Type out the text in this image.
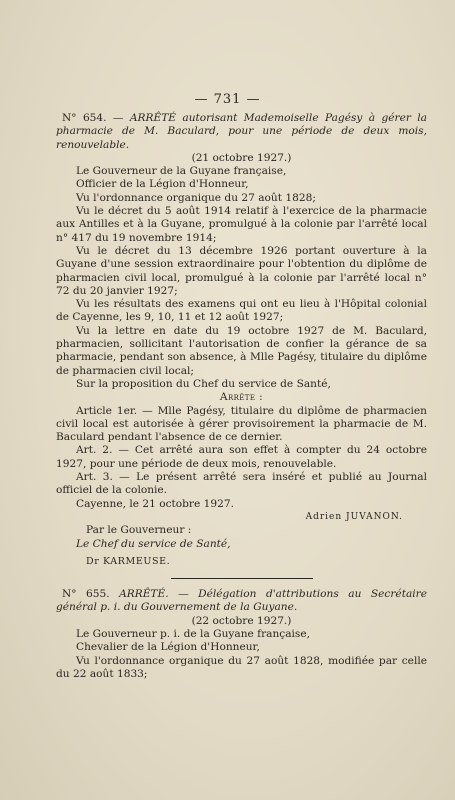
— 731 —

N° 654. — ARRÊTÉ autorisant Mademoiselle Pagésy à gérer la pharmacie de M. Baculard, pour une période de deux mois, renouvelable.

(21 octobre 1927.)

Le Gouverneur de la Guyane française,

Officier de la Légion d'Honneur,

Vu l'ordonnance organique du 27 août 1828;

Vu le décret du 5 août 1914 relatif à l'exercice de la pharmacie aux Antilles et à la Guyane, promulgué à la colonie par l'arrêté local n° 417 du 19 novembre 1914;

Vu le décret du 13 décembre 1926 portant ouverture à la Guyane d'une session extraordinaire pour l'obtention du diplôme de pharmacien civil local, promulgué à la colonie par l'arrêté local n° 72 du 20 janvier 1927;

Vu les résultats des examens qui ont eu lieu à l'Hôpital colonial de Cayenne, les 9, 10, 11 et 12 août 1927;

Vu la lettre en date du 19 octobre 1927 de M. Baculard, pharmacien, sollicitant l'autorisation de confier la gérance de sa pharmacie, pendant son absence, à Mlle Pagésy, titulaire du diplôme de pharmacien civil local;

Sur la proposition du Chef du service de Santé,

Arrête :

Article 1er. — Mlle Pagésy, titulaire du diplôme de pharmacien civil local est autorisée à gérer provisoirement la pharmacie de M. Baculard pendant l'absence de ce dernier.

Art. 2. — Cet arrêté aura son effet à compter du 24 octobre 1927, pour une période de deux mois, renouvelable.

Art. 3. — Le présent arrêté sera inséré et publié au Journal officiel de la colonie.

Cayenne, le 21 octobre 1927.

Adrien JUVANON.

Par le Gouverneur :

Le Chef du service de Santé,

Dr KARMEUSE.

N° 655. ARRÊTÉ. — Délégation d'attributions au Secrétaire général p. i. du Gouvernement de la Guyane.

(22 octobre 1927.)

Le Gouverneur p. i. de la Guyane française,

Chevalier de la Légion d'Honneur,

Vu l'ordonnance organique du 27 août 1828, modifiée par celle du 22 août 1833;
